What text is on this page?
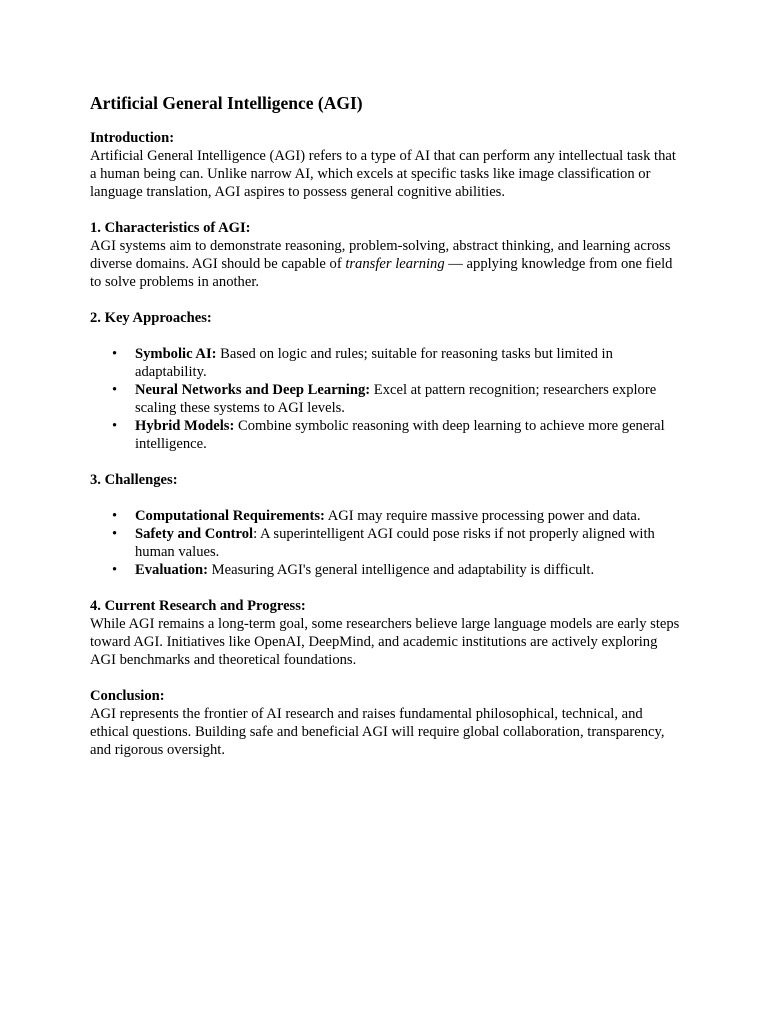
Artificial General Intelligence (AGI)
Introduction:
Artificial General Intelligence (AGI) refers to a type of AI that can perform any intellectual task that a human being can. Unlike narrow AI, which excels at specific tasks like image classification or language translation, AGI aspires to possess general cognitive abilities.
1. Characteristics of AGI:
AGI systems aim to demonstrate reasoning, problem-solving, abstract thinking, and learning across diverse domains. AGI should be capable of transfer learning — applying knowledge from one field to solve problems in another.
2. Key Approaches:
• Symbolic AI: Based on logic and rules; suitable for reasoning tasks but limited in adaptability.
• Neural Networks and Deep Learning: Excel at pattern recognition; researchers explore scaling these systems to AGI levels.
• Hybrid Models: Combine symbolic reasoning with deep learning to achieve more general intelligence.
3. Challenges:
• Computational Requirements: AGI may require massive processing power and data.
• Safety and Control: A superintelligent AGI could pose risks if not properly aligned with human values.
• Evaluation: Measuring AGI's general intelligence and adaptability is difficult.
4. Current Research and Progress:
While AGI remains a long-term goal, some researchers believe large language models are early steps toward AGI. Initiatives like OpenAI, DeepMind, and academic institutions are actively exploring AGI benchmarks and theoretical foundations.
Conclusion:
AGI represents the frontier of AI research and raises fundamental philosophical, technical, and ethical questions. Building safe and beneficial AGI will require global collaboration, transparency, and rigorous oversight.
